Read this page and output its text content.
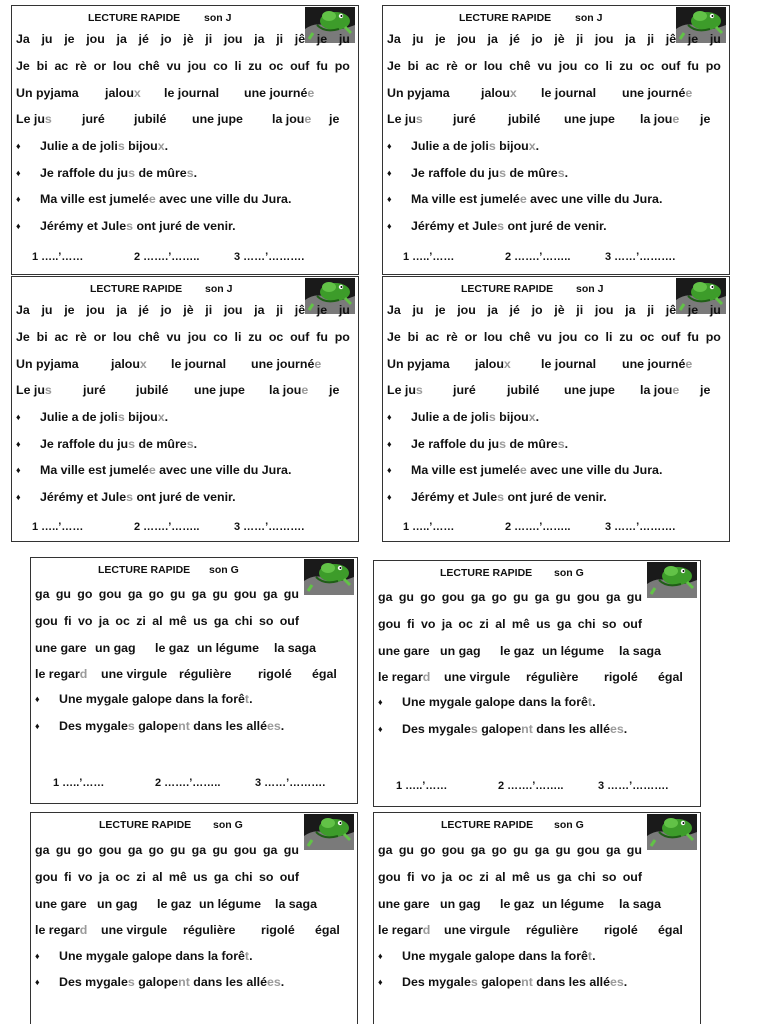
LECTURE RAPIDE son J
Ja ju je jou ja jé jo jè ji jou ja ji jê je ju
Je bi ac rè or lou chê vu jou co li zu oc ouf fu po
Un pyjama jaloux le journal une journée
Le jus juré jubilé une jupe la joue je
♦ Julie a de jolis bijoux.
♦ Je raffole du jus de mûres.
♦ Ma ville est jumelée avec une ville du Jura.
♦ Jérémy et Jules ont juré de venir.
1 …..’……	2 …….’……..	3 ……’……….
LECTURE RAPIDE son J
Ja ju je jou ja jé jo jè ji jou ja ji jê je ju
Je bi ac rè or lou chê vu jou co li zu oc ouf fu po
Un pyjama	jaloux le journal une journée
Le jus juré	jubilé une jupe la joue je
♦ Julie a de jolis bijoux.
♦ Je raffole du jus de mûres.
♦ Ma ville est jumelée avec une ville du Jura.
♦ Jérémy et Jules ont juré de venir.
1 …..’……	2 …….’……..	3 ……’……….
LECTURE RAPIDE son J
Ja ju je jou ja jé jo jè ji jou ja ji jê je ju
Je bi ac rè or lou chê vu jou co li zu oc ouf fu po
Un pyjama	jaloux le journal une journée
Le jus	juré jubilé une jupe la joue je
♦ Julie a de jolis bijoux.
♦ Je raffole du jus de mûres.
♦ Ma ville est jumelée avec une ville du Jura.
♦ Jérémy et Jules ont juré de venir.
1 …..’……	2 …….’……..	3 ……’……….
LECTURE RAPIDE son J
Ja ju je jou ja jé jo jè ji jou ja ji jê je ju
Je bi ac rè or lou chê vu jou co li zu oc ouf fu po
Un pyjama jaloux le journal une journée
Le jus juré	jubilé une jupe la joue je
♦ Julie a de jolis bijoux.
♦ Je raffole du jus de mûres.
♦ Ma ville est jumelée avec une ville du Jura.
♦ Jérémy et Jules ont juré de venir.
1 …..’……	2 …….’……..	3 ……’……….
LECTURE RAPIDE son G
ga gu go gou ga go gu ga gu gou ga gu
gou fi vo ja oc zi al mê us ga chi so ouf
une gare un gag le gaz un légume la saga
le regard une virgule régulière rigolé égal
♦ Une mygale galope dans la forêt.
♦ Des mygales galopent dans les allées.
1 …..’……	2 …….’……..	3 ……’……….
LECTURE RAPIDE son G
ga gu go gou ga go gu ga gu gou ga gu
gou fi vo ja oc zi al mê us ga chi so ouf
une gare un gag le gaz un légume la saga
le regard une virgule régulière rigolé égal
♦ Une mygale galope dans la forêt.
♦ Des mygales galopent dans les allées.
1 …..’……	2 …….’……..	3 ……’……….
LECTURE RAPIDE son G
ga gu go gou ga go gu ga gu gou ga gu
gou fi vo ja oc zi al mê us ga chi so ouf
une gare un gag le gaz un légume la saga
le regard une virgule régulière rigolé égal
♦ Une mygale galope dans la forêt.
♦ Des mygales galopent dans les allées.
LECTURE RAPIDE son G
ga gu go gou ga go gu ga gu gou ga gu
gou fi vo ja oc zi al mê us ga chi so ouf
une gare un gag le gaz un légume la saga
le regard une virgule régulière rigolé égal
♦ Une mygale galope dans la forêt.
♦ Des mygales galopent dans les allées.
